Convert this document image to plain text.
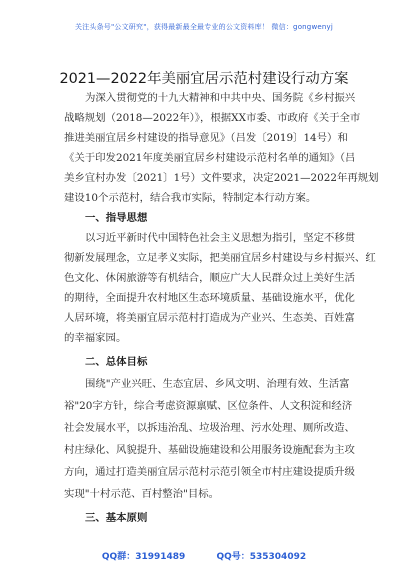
关注头条号"公文研究"，获得最新最全最专业的公文资料库！ 微信：gongwenyj
2021—2022年美丽宜居示范村建设行动方案
为深入贯彻党的十九大精神和中共中央、国务院《乡村振兴
战略规划（2018—2022年）》，根据XX市委、市政府《关于全市
推进美丽宜居乡村建设的指导意见》（吕发〔2019〕14号）和
《关于印发2021年度美丽宜居乡村建设示范村名单的通知》（吕
美乡宜村办发〔2021〕1号）文件要求，决定2021—2022年再规划
建设10个示范村，结合我市实际，特制定本行动方案。
一、指导思想
以习近平新时代中国特色社会主义思想为指引，坚定不移贯
彻新发展理念，立足孝义实际，把美丽宜居乡村建设与乡村振兴、红
色文化、休闲旅游等有机结合，顺应广大人民群众过上美好生活
的期待，全面提升农村地区生态环境质量、基础设施水平，优化
人居环境，将美丽宜居示范村打造成为产业兴、生态美、百姓富
的幸福家园。
二、总体目标
围绕"产业兴旺、生态宜居、乡风文明、治理有效、生活富
裕"20字方针，综合考虑资源禀赋、区位条件、人文积淀和经济
社会发展水平，以拆违治乱、垃圾治理、污水处理、厕所改造、
村庄绿化、风貌提升、基础设施建设和公用服务设施配套为主攻
方向，通过打造美丽宜居示范村示范引领全市村庄建设提质升级
实现"十村示范、百村整治"目标。
三、基本原则
QQ群：31991489	QQ号：535304092
